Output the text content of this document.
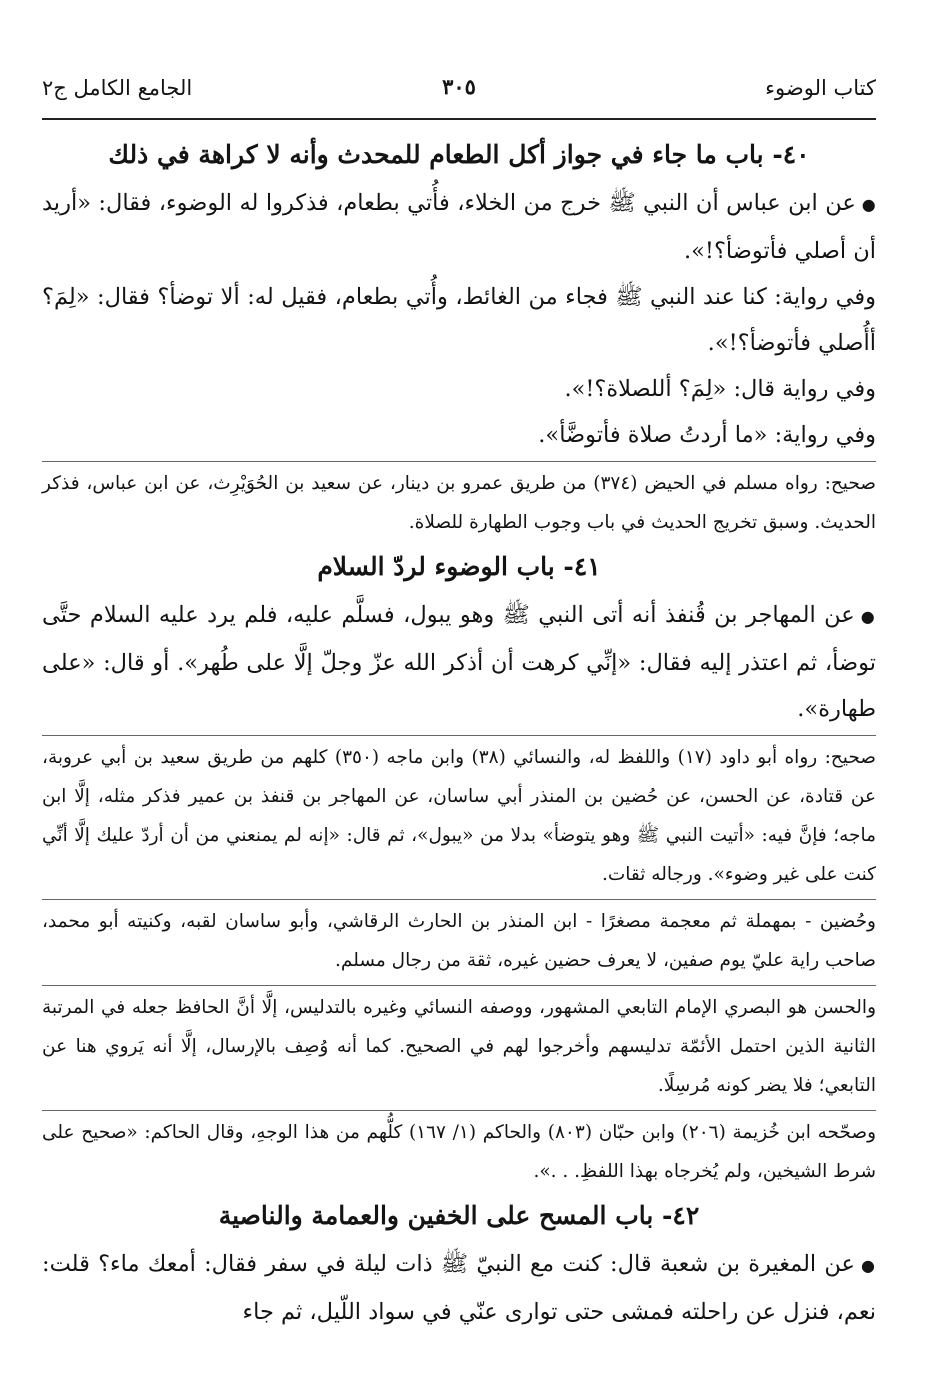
كتاب الوضوء
٣٠٥
الجامع الكامل ج٢
٤٠- باب ما جاء في جواز أكل الطعام للمحدث وأنه لا كراهة في ذلك

●عن ابن عباس أن النبي ﷺ خرج من الخلاء، فأُتي بطعام، فذكروا له الوضوء، فقال: «أريد أن أصلي فأتوضأ؟!».

وفي رواية: كنا عند النبي ﷺ فجاء من الغائط، وأُتي بطعام، فقيل له: ألا توضأ؟ فقال: «لِمَ؟ أأُصلي فأتوضأ؟!».

وفي رواية قال: «لِمَ؟ أللصلاة؟!».

وفي رواية: «ما أردتُ صلاة فأتوضَّأ».

صحيح: رواه مسلم في الحيض (٣٧٤) من طريق عمرو بن دينار، عن سعيد بن الحُوَيْرِث، عن ابن عباس، فذكر الحديث. وسبق تخريج الحديث في باب وجوب الطهارة للصلاة.

٤١- باب الوضوء لردّ السلام

●عن المهاجر بن قُنفذ أنه أتى النبي ﷺ وهو يبول، فسلَّم عليه، فلم يرد عليه السلام حتَّى توضأ، ثم اعتذر إليه فقال: «إنِّي كرهت أن أذكر الله عزّ وجلّ إلَّا على طُهر». أو قال: «على طهارة».

صحيح: رواه أبو داود (١٧) واللفظ له، والنسائي (٣٨) وابن ماجه (٣٥٠) كلهم من طريق سعيد بن أبي عروبة، عن قتادة، عن الحسن، عن حُضين بن المنذر أبي ساسان، عن المهاجر بن قنفذ بن عمير فذكر مثله، إلَّا ابن ماجه؛ فإنَّ فيه: «أتيت النبي ﷺ وهو يتوضأ» بدلا من «يبول»، ثم قال: «إنه لم يمنعني من أن أردّ عليك إلَّا أنِّي كنت على غير وضوء». ورجاله ثقات.

وحُضين - بمهملة ثم معجمة مصغرًا - ابن المنذر بن الحارث الرقاشي، وأبو ساسان لقبه، وكنيته أبو محمد، صاحب راية عليّ يوم صفين، لا يعرف حضين غيره، ثقة من رجال مسلم.

والحسن هو البصري الإمام التابعي المشهور، ووصفه النسائي وغيره بالتدليس، إلَّا أنَّ الحافظ جعله في المرتبة الثانية الذين احتمل الأئمّة تدليسهم وأخرجوا لهم في الصحيح. كما أنه وُصِف بالإرسال، إلَّا أنه يَروي هنا عن التابعي؛ فلا يضر كونه مُرسِلًا.

وصحّحه ابن خُزيمة (٢٠٦) وابن حبّان (٨٠٣) والحاكم (١/ ١٦٧) كلُّهم من هذا الوجهِ، وقال الحاكم: «صحيح على شرط الشيخين، ولم يُخرجاه بهذا اللفظِ. . .».

٤٢- باب المسح على الخفين والعمامة والناصية

●عن المغيرة بن شعبة قال: كنت مع النبيّ ﷺ ذات ليلة في سفر فقال: أمعك ماء؟ قلت: نعم، فنزل عن راحلته فمشى حتى توارى عنّي في سواد اللّيل، ثم جاء
